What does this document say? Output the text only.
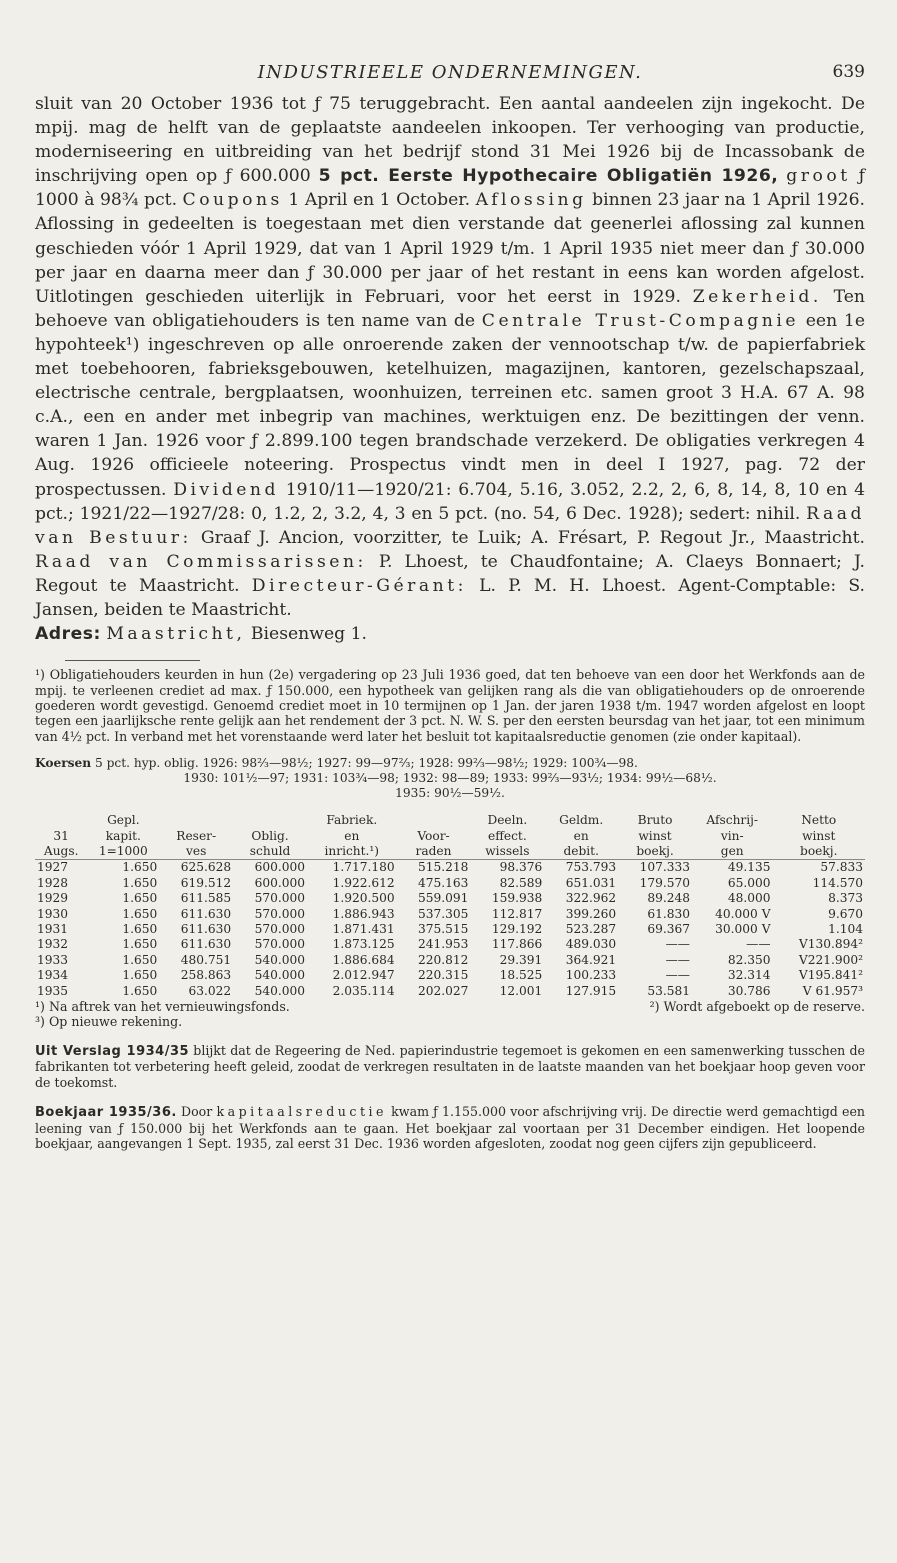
INDUSTRIEELE ONDERNEMINGEN.	639

sluit van 20 October 1936 tot ƒ 75 teruggebracht. Een aantal aandeelen zijn ingekocht. De mpij. mag de helft van de geplaatste aandeelen inkoopen. Ter verhooging van productie, moderniseering en uitbreiding van het bedrijf stond 31 Mei 1926 bij de Incassobank de inschrijving open op ƒ 600.000 5 pct. Eerste Hypothecaire Obligatiën 1926, groot ƒ 1000 à 98¾ pct. Coupons 1 April en 1 October. Aflossing binnen 23 jaar na 1 April 1926. Aflossing in gedeelten is toegestaan met dien verstande dat geenerlei aflossing zal kunnen geschieden vóór 1 April 1929, dat van 1 April 1929 t/m. 1 April 1935 niet meer dan ƒ 30.000 per jaar en daarna meer dan ƒ 30.000 per jaar of het restant in eens kan worden afgelost. Uitlotingen geschieden uiterlijk in Februari, voor het eerst in 1929. Zekerheid. Ten behoeve van obligatiehouders is ten name van de Centrale Trust-Compagnie een 1e hypohteek¹) ingeschreven op alle onroerende zaken der vennootschap t/w. de papierfabriek met toebehooren, fabrieksgebouwen, ketelhuizen, magazijnen, kantoren, gezelschapszaal, electrische centrale, bergplaatsen, woonhuizen, terreinen etc. samen groot 3 H.A. 67 A. 98 c.A., een en ander met inbegrip van machines, werktuigen enz. De bezittingen der venn. waren 1 Jan. 1926 voor ƒ 2.899.100 tegen brandschade verzekerd. De obligaties verkregen 4 Aug. 1926 officieele noteering. Prospectus vindt men in deel I 1927, pag. 72 der prospectussen. Dividend 1910/11—1920/21: 6.704, 5.16, 3.052, 2.2, 2, 6, 8, 14, 8, 10 en 4 pct.; 1921/22—1927/28: 0, 1.2, 2, 3.2, 4, 3 en 5 pct. (no. 54, 6 Dec. 1928); sedert: nihil. Raad van Bestuur: Graaf J. Ancion, voorzitter, te Luik; A. Frésart, P. Regout Jr., Maastricht. Raad van Commissarissen: P. Lhoest, te Chaudfontaine; A. Claeys Bonnaert; J. Regout te Maastricht. Directeur-Gérant: L. P. M. H. Lhoest. Agent-Comptable: S. Jansen, beiden te Maastricht.

Adres: Maastricht, Biesenweg 1.

¹) Obligatiehouders keurden in hun (2e) vergadering op 23 Juli 1936 goed, dat ten behoeve van een door het Werkfonds aan de mpij. te verleenen crediet ad max. ƒ 150.000, een hypotheek van gelijken rang als die van obligatiehouders op de onroerende goederen wordt gevestigd. Genoemd crediet moet in 10 termijnen op 1 Jan. der jaren 1938 t/m. 1947 worden afgelost en loopt tegen een jaarlijksche rente gelijk aan het rendement der 3 pct. N. W. S. per den eersten beursdag van het jaar, tot een minimum van 4½ pct. In verband met het vorenstaande werd later het besluit tot kapitaalsreductie genomen (zie onder kapitaal).

Koersen 5 pct. hyp. oblig. 1926: 98⅔—98½; 1927: 99—97⅔; 1928: 99⅔—98½; 1929: 100¾—98.
1930: 101½—97; 1931: 103¾—98; 1932: 98—89; 1933: 99⅔—93½; 1934: 99½—68½.
1935: 90½—59½.
	Gepl.			Fabriek.		Deeln.	Geldm.	Bruto	Afschrij-	Netto
31	kapit.	Reser-	Oblig.	en	Voor-	effect.	en	winst	vin-	winst
Augs.	1=1000	ves	schuld	inricht.¹)	raden	wissels	debit.	boekj.	gen	boekj.
1927	1.650	625.628	600.000	1.717.180	515.218	98.376	753.793	107.333	49.135	57.833
1928	1.650	619.512	600.000	1.922.612	475.163	82.589	651.031	179.570	65.000	114.570
1929	1.650	611.585	570.000	1.920.500	559.091	159.938	322.962	89.248	48.000	8.373
1930	1.650	611.630	570.000	1.886.943	537.305	112.817	399.260	61.830	40.000 V	9.670
1931	1.650	611.630	570.000	1.871.431	375.515	129.192	523.287	69.367	30.000 V	1.104
1932	1.650	611.630	570.000	1.873.125	241.953	117.866	489.030	——	——	V130.894²
1933	1.650	480.751	540.000	1.886.684	220.812	29.391	364.921	——	82.350	V221.900²
1934	1.650	258.863	540.000	2.012.947	220.315	18.525	100.233	——	32.314	V195.841²
1935	1.650	63.022	540.000	2.035.114	202.027	12.001	127.915	53.581	30.786	V 61.957³
¹) Na aftrek van het vernieuwingsfonds.	²) Wordt afgeboekt op de reserve.
³) Op nieuwe rekening.

Uit Verslag 1934/35 blijkt dat de Regeering de Ned. papierindustrie tegemoet is gekomen en een samenwerking tusschen de fabrikanten tot verbetering heeft geleid, zoodat de verkregen resultaten in de laatste maanden van het boekjaar hoop geven voor de toekomst.

Boekjaar 1935/36. Door kapitaalsreductie kwam ƒ 1.155.000 voor afschrijving vrij. De directie werd gemachtigd een leening van ƒ 150.000 bij het Werkfonds aan te gaan. Het boekjaar zal voortaan per 31 December eindigen. Het loopende boekjaar, aangevangen 1 Sept. 1935, zal eerst 31 Dec. 1936 worden afgesloten, zoodat nog geen cijfers zijn gepubliceerd.
